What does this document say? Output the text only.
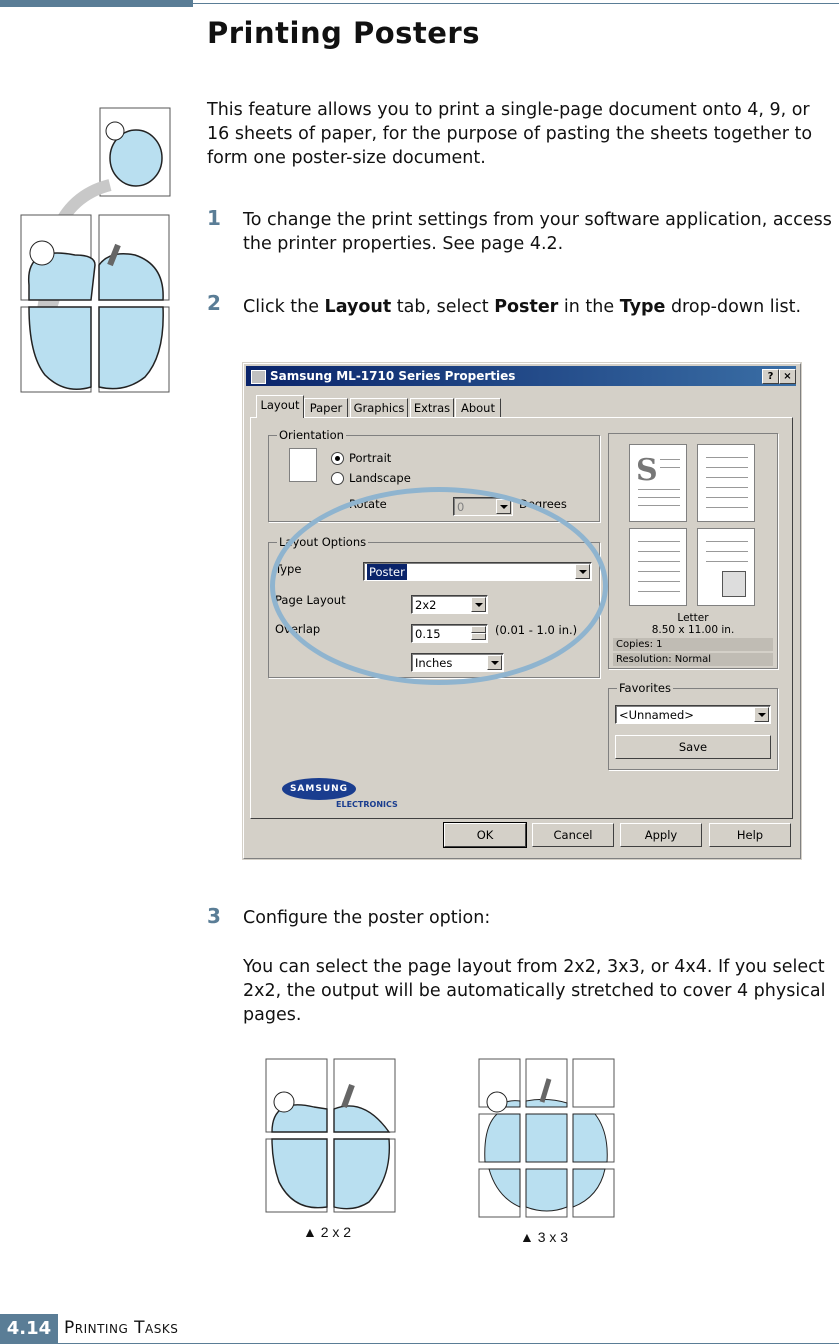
Printing Posters

This feature allows you to print a single-page document onto 4, 9, or 16 sheets of paper, for the purpose of pasting the sheets together to form one poster-size document.

1 To change the print settings from your software application, access the printer properties. See page 4.2.

2 Click the Layout tab, select Poster in the Type drop-down list.

Samsung ML-1710 Series Properties	? ×
Layout Paper Graphics Extras About
Orientation
Portrait
Landscape
Rotate	0	Degrees
Layout Options
Type	Poster
Page Layout	2x2
Overlap	0.15	(0.01 - 1.0 in.)
Inches
S
Letter
8.50 x 11.00 in.
Copies: 1
Resolution: Normal
Favorites
<Unnamed>
Save
SAMSUNG
ELECTRONICS
OK	Cancel	Apply	Help
3 Configure the poster option:

You can select the page layout from 2x2, 3x3, or 4x4. If you select 2x2, the output will be automatically stretched to cover 4 physical pages.

▲ 2 x 2	▲ 3 x 3
4.14 Printing Tasks
